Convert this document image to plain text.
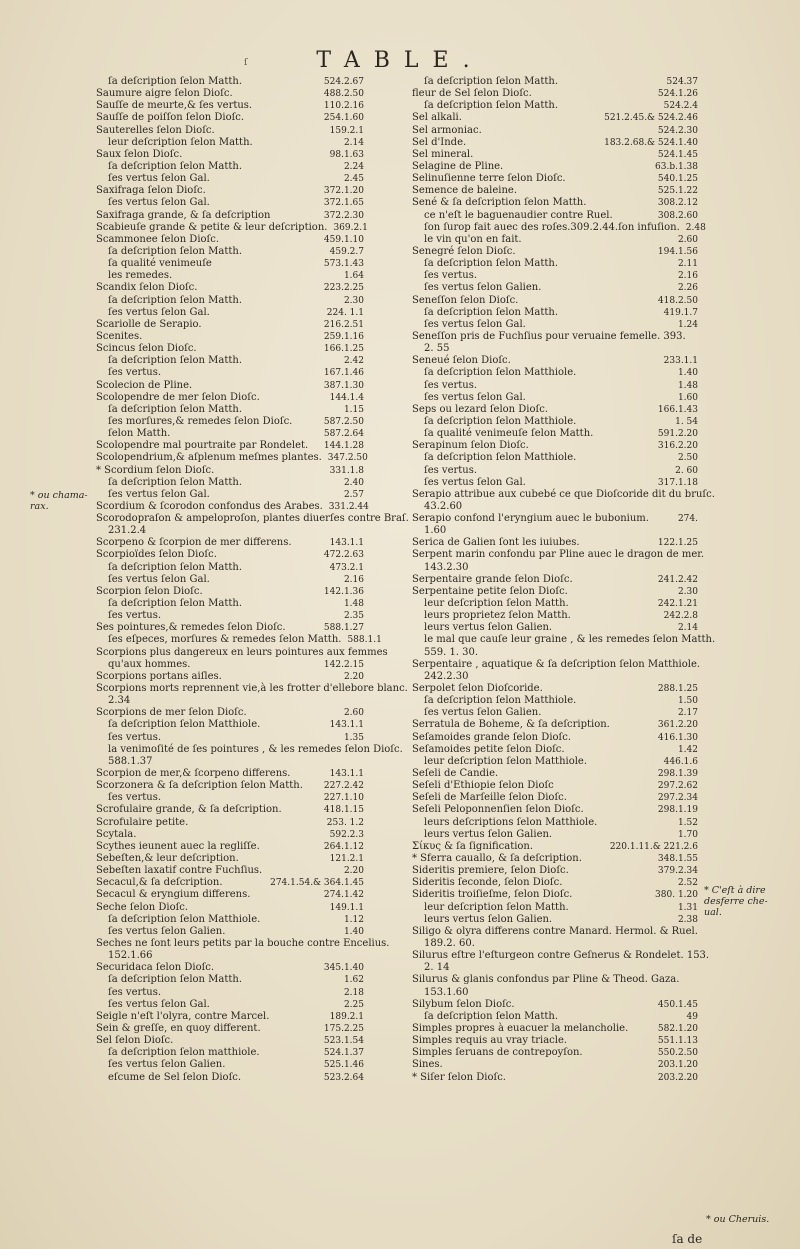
ſ	TABLE.
ſa deſcription ſelon Matth.	524.2.67
Saumure aigre ſelon Dioſc.	488.2.50
Sauſſe de meurte,& ſes vertus.	110.2.16
Sauſſe de poiſſon ſelon Dioſc.	254.1.60
Sauterelles ſelon Dioſc.	159.2.1
leur deſcription ſelon Matth.	2.14
Saux ſelon Dioſc.	98.1.63
ſa deſcription ſelon Matth.	2.24
ſes vertus ſelon Gal.	2.45
Saxifraga ſelon Dioſc.	372.1.20
ſes vertus ſelon Gal.	372.1.65
Saxifraga grande, & ſa deſcription	372.2.30
Scabieuſe grande & petite & leur deſcription. 369.2.1
Scammonee ſelon Dioſc.	459.1.10
ſa deſcription ſelon Matth.	459.2.7
ſa qualité venimeuſe	573.1.43
les remedes.	1.64
Scandix ſelon Dioſc.	223.2.25
ſa deſcription ſelon Matth.	2.30
ſes vertus ſelon Gal.	224. 1.1
Scariolle de Serapio.	216.2.51
Scenites.	259.1.16
Scincus ſelon Dioſc.	166.1.25
ſa deſcription ſelon Matth.	2.42
ſes vertus.	167.1.46
Scolecion de Pline.	387.1.30
Scolopendre de mer ſelon Dioſc.	144.1.4
ſa deſcription ſelon Matth.	1.15
ſes morſures,& remedes ſelon Dioſc.	587.2.50
ſelon Matth.	587.2.64
Scolopendre mal pourtraite par Rondelet.	144.1.28
Scolopendrium,& aſplenum meſmes plantes. 347.2.50
* Scordium ſelon Dioſc.	331.1.8
ſa deſcription ſelon Matth.	2.40
ſes vertus ſelon Gal.	2.57
Scordium & ſcorodon confondus des Arabes. 331.2.44
Scorodopraſon & ampeloproſon, plantes diuerſes contre Braſ.
231.2.4
Scorpeno & ſcorpion de mer differens.	143.1.1
Scorpioïdes ſelon Dioſc.	472.2.63
ſa deſcription ſelon Matth.	473.2.1
ſes vertus ſelon Gal.	2.16
Scorpion ſelon Dioſc.	142.1.36
ſa deſcription ſelon Matth.	1.48
ſes vertus.	2.35
Ses pointures,& remedes ſelon Dioſc.	588.1.27
ſes eſpeces, morſures & remedes ſelon Matth. 588.1.1
Scorpions plus dangereux en leurs pointures aux femmes
qu'aux hommes.	142.2.15
Scorpions portans aiſles.	2.20
Scorpions morts reprennent vie,à les frotter d'ellebore blanc.
2.34
Scorpions de mer ſelon Dioſc.	2.60
ſa deſcription ſelon Matthiole.	143.1.1
ſes vertus.	1.35
la venimoſité de ſes pointures , & les remedes ſelon Dioſc.
588.1.37
Scorpion de mer,& ſcorpeno differens.	143.1.1
Scorzonera & ſa deſcription ſelon Matth.	227.2.42
ſes vertus.	227.1.10
Scrofulaire grande, & ſa deſcription.	418.1.15
Scrofulaire petite.	253. 1.2
Scytala.	592.2.3
Scythes ieunent auec la regliſſe.	264.1.12
Sebeſten,& leur deſcription.	121.2.1
Sebeſten laxatif contre Fuchſius.	2.20
Secacul,& ſa deſcription.	274.1.54.& 364.1.45
Secacul & eryngium differens.	274.1.42
Seche ſelon Dioſc.	149.1.1
ſa deſcription ſelon Matthiole.	1.12
ſes vertus ſelon Galien.	1.40
Seches ne ſont leurs petits par la bouche contre Encelius.
152.1.66
Securidaca ſelon Dioſc.	345.1.40
ſa deſcription ſelon Matth.	1.62
ſes vertus.	2.18
ſes vertus ſelon Gal.	2.25
Seigle n'eſt l'olyra, contre Marcel.	189.2.1
Sein & greſſe, en quoy different.	175.2.25
Sel ſelon Dioſc.	523.1.54
ſa deſcription ſelon matthiole.	524.1.37
ſes vertus ſelon Galien.	525.1.46
eſcume de Sel ſelon Dioſc.	523.2.64
ſa deſcription ſelon Matth.	524.37
fleur de Sel ſelon Dioſc.	524.1.26
ſa deſcription ſelon Matth.	524.2.4
Sel alkali.	521.2.45.& 524.2.46
Sel armoniac.	524.2.30
Sel d'Inde.	183.2.68.& 524.1.40
Sel mineral.	524.1.45
Selagine de Pline.	63.b.1.38
Selinuſienne terre ſelon Dioſc.	540.1.25
Semence de baleine.	525.1.22
Sené & ſa deſcription ſelon Matth.	308.2.12
ce n'eſt le baguenaudier contre Ruel.	308.2.60
ſon ſurop fait auec des roſes.309.2.44.ſon infuſion. 2.48
le vin qu'on en fait.	2.60
Senegré ſelon Dioſc.	194.1.56
ſa deſcription ſelon Matth.	2.11
ſes vertus.	2.16
ſes vertus ſelon Galien.	2.26
Seneſſon ſelon Dioſc.	418.2.50
ſa deſcription ſelon Matth.	419.1.7
ſes vertus ſelon Gal.	1.24
Seneſſon pris de Fuchſius pour veruaine femelle. 393.
2. 55
Seneué ſelon Dioſc.	233.1.1
ſa deſcription ſelon Matthiole.	1.40
ſes vertus.	1.48
ſes vertus ſelon Gal.	1.60
Seps ou lezard ſelon Dioſc.	166.1.43
ſa deſcription ſelon Matthiole.	1. 54
ſa qualité venimeuſe ſelon Matth.	591.2.20
Serapinum ſelon Dioſc.	316.2.20
ſa deſcription ſelon Matthiole.	2.50
ſes vertus.	2. 60
ſes vertus ſelon Gal.	317.1.18
Serapio attribue aux cubebé ce que Dioſcoride dit du bruſc.
43.2.60
Serapio confond l'eryngium auec le bubonium.	274.
1.60
Serica de Galien ſont les iuiubes.	122.1.25
Serpent marin confondu par Pline auec le dragon de mer.
143.2.30
Serpentaire grande ſelon Dioſc.	241.2.42
Serpentaine petite ſelon Dioſc.	2.30
leur deſcription ſelon Matth.	242.1.21
leurs proprietez ſelon Matth.	242.2.8
leurs vertus ſelon Galien.	2.14
le mal que cauſe leur graine , & les remedes ſelon Matth.
559. 1. 30.
Serpentaire , aquatique & ſa deſcription ſelon Matthiole.
242.2.30
Serpolet ſelon Dioſcoride.	288.1.25
ſa deſcription ſelon Matthiole.	1.50
ſes vertus ſelon Galien.	2.17
Serratula de Boheme, & ſa deſcription.	361.2.20
Seſamoides grande ſelon Dioſc.	416.1.30
Seſamoides petite ſelon Dioſc.	1.42
leur deſcription ſelon Matthiole.	446.1.6
Seſeli de Candie.	298.1.39
Seſeli d'Ethiopie ſelon Dioſc	297.2.62
Seſeli de Marſeille ſelon Dioſc.	297.2.34
Seſeli Peloponnenſien ſelon Dioſc.	298.1.19
leurs deſcriptions ſelon Matthiole.	1.52
leurs vertus ſelon Galien.	1.70
Σίκυς & ſa ſignification.	220.1.11.& 221.2.6
* Sferra cauallo, & ſa deſcription.	348.1.55
Sideritis premiere, ſelon Dioſc.	379.2.34
Sideritis ſeconde, ſelon Dioſc.	2.52
Sideritis troiſieſme, ſelon Dioſc.	380. 1.20
leur deſcription ſelon Matth.	1.31
leurs vertus ſelon Galien.	2.38
Siligo & olyra differens contre Manard. Hermol. & Ruel.
189.2. 60.
Silurus eſtre l'eſturgeon contre Geſnerus & Rondelet. 153.
2. 14
Silurus & glanis confondus par Pline & Theod. Gaza.
153.1.60
Silybum ſelon Dioſc.	450.1.45
ſa deſcription ſelon Matth.	49
Simples propres à euacuer la melancholie.	582.1.20
Simples requis au vray triacle.	551.1.13
Simples ſeruans de contrepoyſon.	550.2.50
Sines.	203.1.20
* Siſer ſelon Dioſc.	203.2.20
* ou chama-
rax.
* C'eſt à dire
desferre che-
ual.
* ou Cheruis.
ſa de
